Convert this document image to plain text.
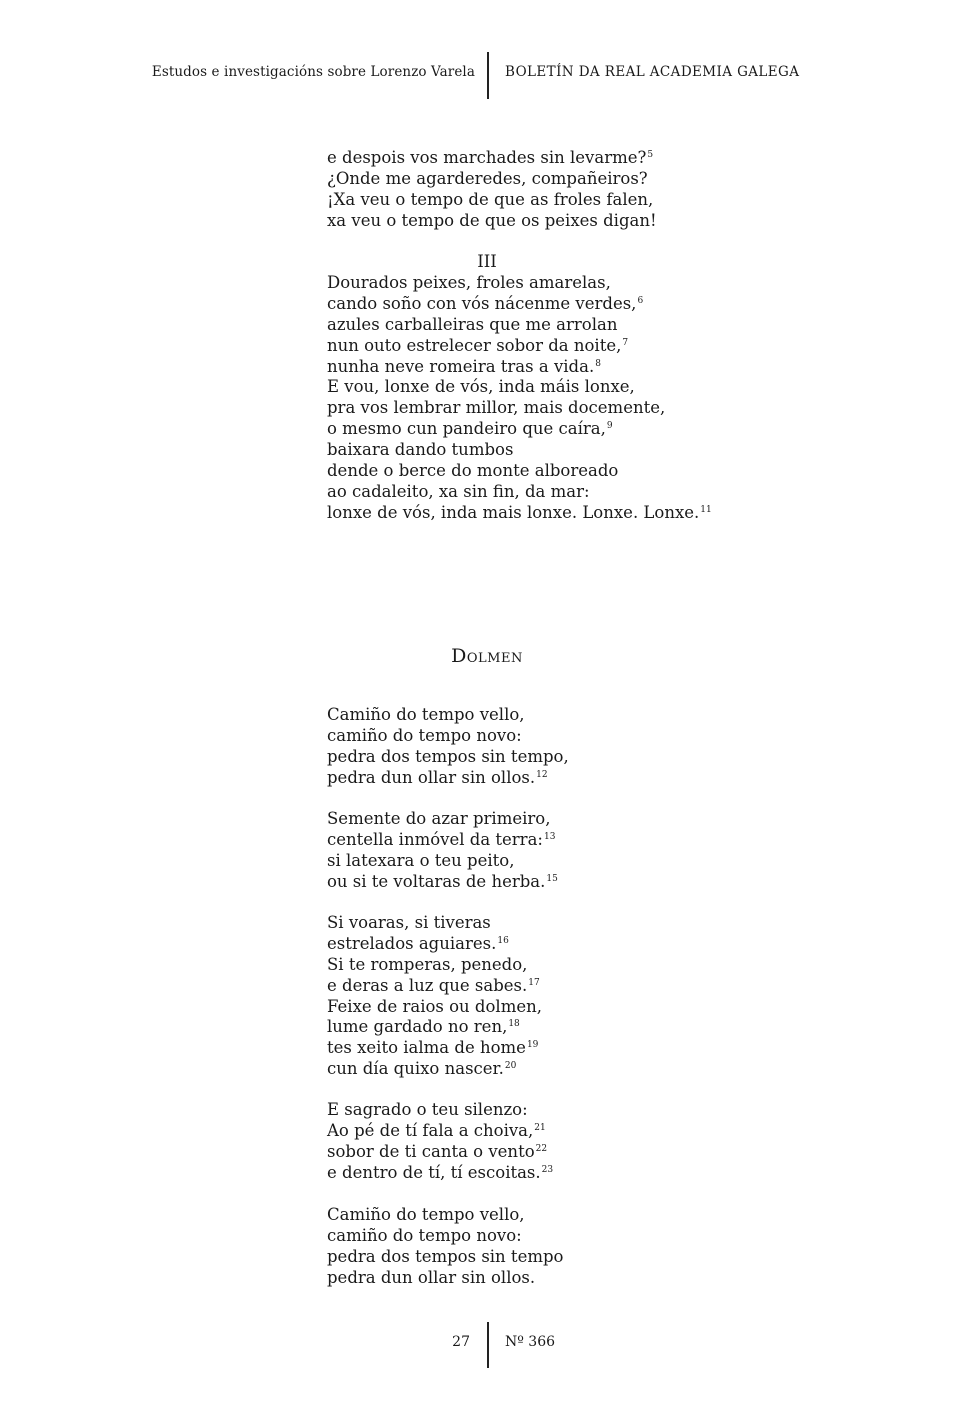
Estudos e investigacións sobre Lorenzo Varela BOLETÍN DA REAL ACADEMIA GALEGA
e despois vos marchades sin levarme?$^5$
¿Onde me agarderedes, compañeiros?
¡Xa veu o tempo de que as froles falen,
xa veu o tempo de que os peixes digan!
III
Dourados peixes, froles amarelas,
cando soño con vós nácenme verdes,$^6$
azules carballeiras que me arrolan
nun outo estrelecer sobor da noite,$^7$
nunha neve romeira tras a vida.$^8$
E vou, lonxe de vós, inda máis lonxe,
pra vos lembrar millor, mais docemente,
o mesmo cun pandeiro que caíra,$^9$
baixara dando tumbos
dende o berce do monte alboreado
ao cadaleito, xa sin fin, da mar:
lonxe de vós, inda mais lonxe. Lonxe. Lonxe.$^{11}$
Dolmen
Camiño do tempo vello,
camiño do tempo novo:
pedra dos tempos sin tempo,
pedra dun ollar sin ollos.$^{12}$
Semente do azar primeiro,
centella inmóvel da terra:$^{13}$
si latexara o teu peito,
ou si te voltaras de herba.$^{15}$
Si voaras, si tiveras
estrelados aguiares.$^{16}$
Si te romperas, penedo,
e deras a luz que sabes.$^{17}$
Feixe de raios ou dolmen,
lume gardado no ren,$^{18}$
tes xeito ialma de home$^{19}$
cun día quixo nascer.$^{20}$
E sagrado o teu silenzo:
Ao pé de tí fala a choiva,$^{21}$
sobor de ti canta o vento$^{22}$
e dentro de tí, tí escoitas.$^{23}$
Camiño do tempo vello,
camiño do tempo novo:
pedra dos tempos sin tempo
pedra dun ollar sin ollos.
27	Nº 366
